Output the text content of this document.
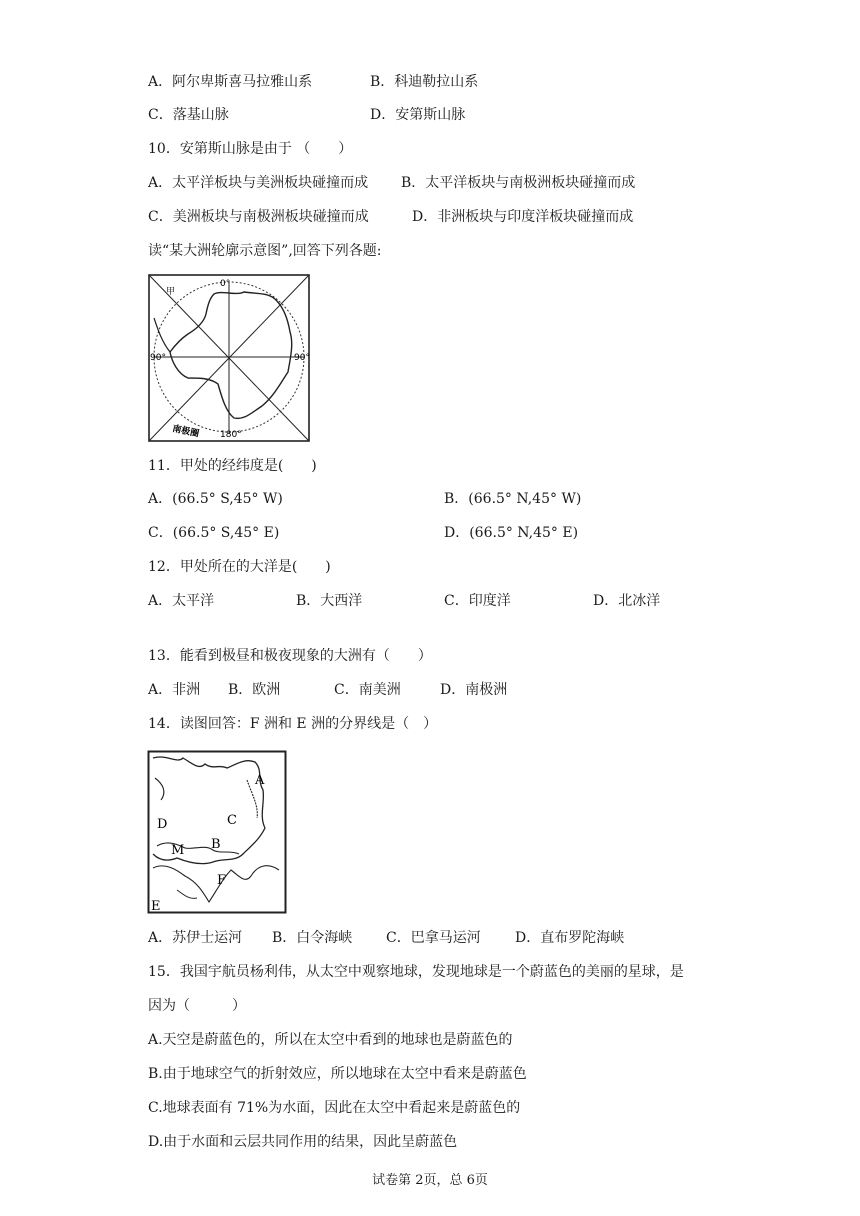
A．阿尔卑斯喜马拉雅山系	B．科迪勒拉山系
C．落基山脉	D．安第斯山脉
10．安第斯山脉是由于 （　　）
A．太平洋板块与美洲板块碰撞而成 B．太平洋板块与南极洲板块碰撞而成
C．美洲板块与南极洲板块碰撞而成	D．非洲板块与印度洋板块碰撞而成
读“某大洲轮廓示意图”,回答下列各题:
甲
0°
90°	90°
180°
南极圈
11．甲处的经纬度是(　　)
A．(66.5° S,45° W)	B．(66.5° N,45° W)
C．(66.5° S,45° E)	D．(66.5° N,45° E)
12．甲处所在的大洋是(　　)
A．太平洋	B．大西洋	C．印度洋	D．北冰洋
13．能看到极昼和极夜现象的大洲有（　　）
A．非洲 B．欧洲	C．南美洲	D．南极洲
14．读图回答：F 洲和 E 洲的分界线是（　）
A
C
D
B
M
F
E
A．苏伊士运河 B．白令海峡 C．巴拿马运河 D．直布罗陀海峡
15．我国宇航员杨利伟，从太空中观察地球，发现地球是一个蔚蓝色的美丽的星球，是
因为（　　　）
A.天空是蔚蓝色的，所以在太空中看到的地球也是蔚蓝色的
B.由于地球空气的折射效应，所以地球在太空中看来是蔚蓝色
C.地球表面有 71%为水面，因此在太空中看起来是蔚蓝色的
D.由于水面和云层共同作用的结果，因此呈蔚蓝色
试卷第 2页，总 6页
